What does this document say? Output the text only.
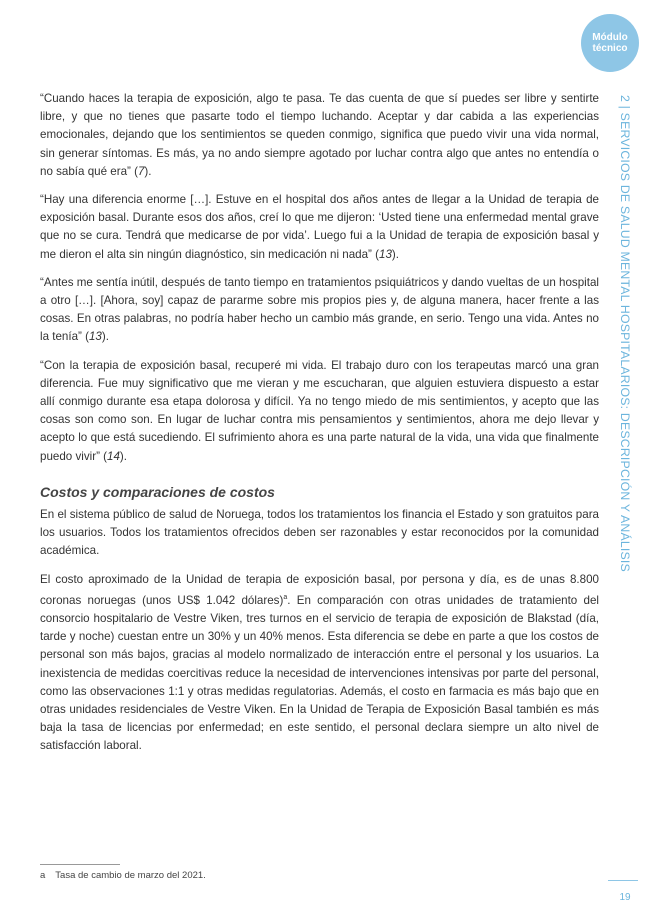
Módulo
técnico
2 | SERVICIOS DE SALUD MENTAL HOSPITALARIOS: DESCRIPCIÓN Y ANÁLISIS

“Cuando haces la terapia de exposición, algo te pasa. Te das cuenta de que sí puedes ser libre y sentirte libre, y que no tienes que pasarte todo el tiempo luchando. Aceptar y dar cabida a las experiencias emocionales, dejando que los sentimientos se queden conmigo, significa que puedo vivir una vida normal, sin generar síntomas. Es más, ya no ando siempre agotado por luchar contra algo que antes no entendía o no sabía qué era” (7).

“Hay una diferencia enorme […]. Estuve en el hospital dos años antes de llegar a la Unidad de terapia de exposición basal. Durante esos dos años, creí lo que me dijeron: ‘Usted tiene una enfermedad mental grave que no se cura. Tendrá que medicarse de por vida’. Luego fui a la Unidad de terapia de exposición basal y me dieron el alta sin ningún diagnóstico, sin medicación ni nada” (13).

“Antes me sentía inútil, después de tanto tiempo en tratamientos psiquiátricos y dando vueltas de un hospital a otro […]. [Ahora, soy] capaz de pararme sobre mis propios pies y, de alguna manera, hacer frente a las cosas. En otras palabras, no podría haber hecho un cambio más grande, en serio. Tengo una vida. Antes no la tenía” (13).

“Con la terapia de exposición basal, recuperé mi vida. El trabajo duro con los terapeutas marcó una gran diferencia. Fue muy significativo que me vieran y me escucharan, que alguien estuviera dispuesto a estar allí conmigo durante esa etapa dolorosa y difícil. Ya no tengo miedo de mis sentimientos, y acepto que las cosas son como son. En lugar de luchar contra mis pensamientos y sentimientos, ahora me dejo llevar y acepto lo que está sucediendo. El sufrimiento ahora es una parte natural de la vida, una vida que finalmente puedo vivir” (14).

Costos y comparaciones de costos

En el sistema público de salud de Noruega, todos los tratamientos los financia el Estado y son gratuitos para los usuarios. Todos los tratamientos ofrecidos deben ser razonables y estar reconocidos por la comunidad académica.

El costo aproximado de la Unidad de terapia de exposición basal, por persona y día, es de unas 8.800 coronas noruegas (unos US$ 1.042 dólares)$^a$. En comparación con otras unidades de tratamiento del consorcio hospitalario de Vestre Viken, tres turnos en el servicio de terapia de exposición de Blakstad (día, tarde y noche) cuestan entre un 30% y un 40% menos. Esta diferencia se debe en parte a que los costos de personal son más bajos, gracias al modelo normalizado de interacción entre el personal y los usuarios. La inexistencia de medidas coercitivas reduce la necesidad de intervenciones intensivas por parte del personal, como las observaciones 1:1 y otras medidas regulatorias. Además, el costo en farmacia es más bajo que en otras unidades residenciales de Vestre Viken. En la Unidad de Terapia de Exposición Basal también es más baja la tasa de licencias por enfermedad; en este sentido, el personal declara siempre un alto nivel de satisfacción laboral.

a Tasa de cambio de marzo del 2021.
19
